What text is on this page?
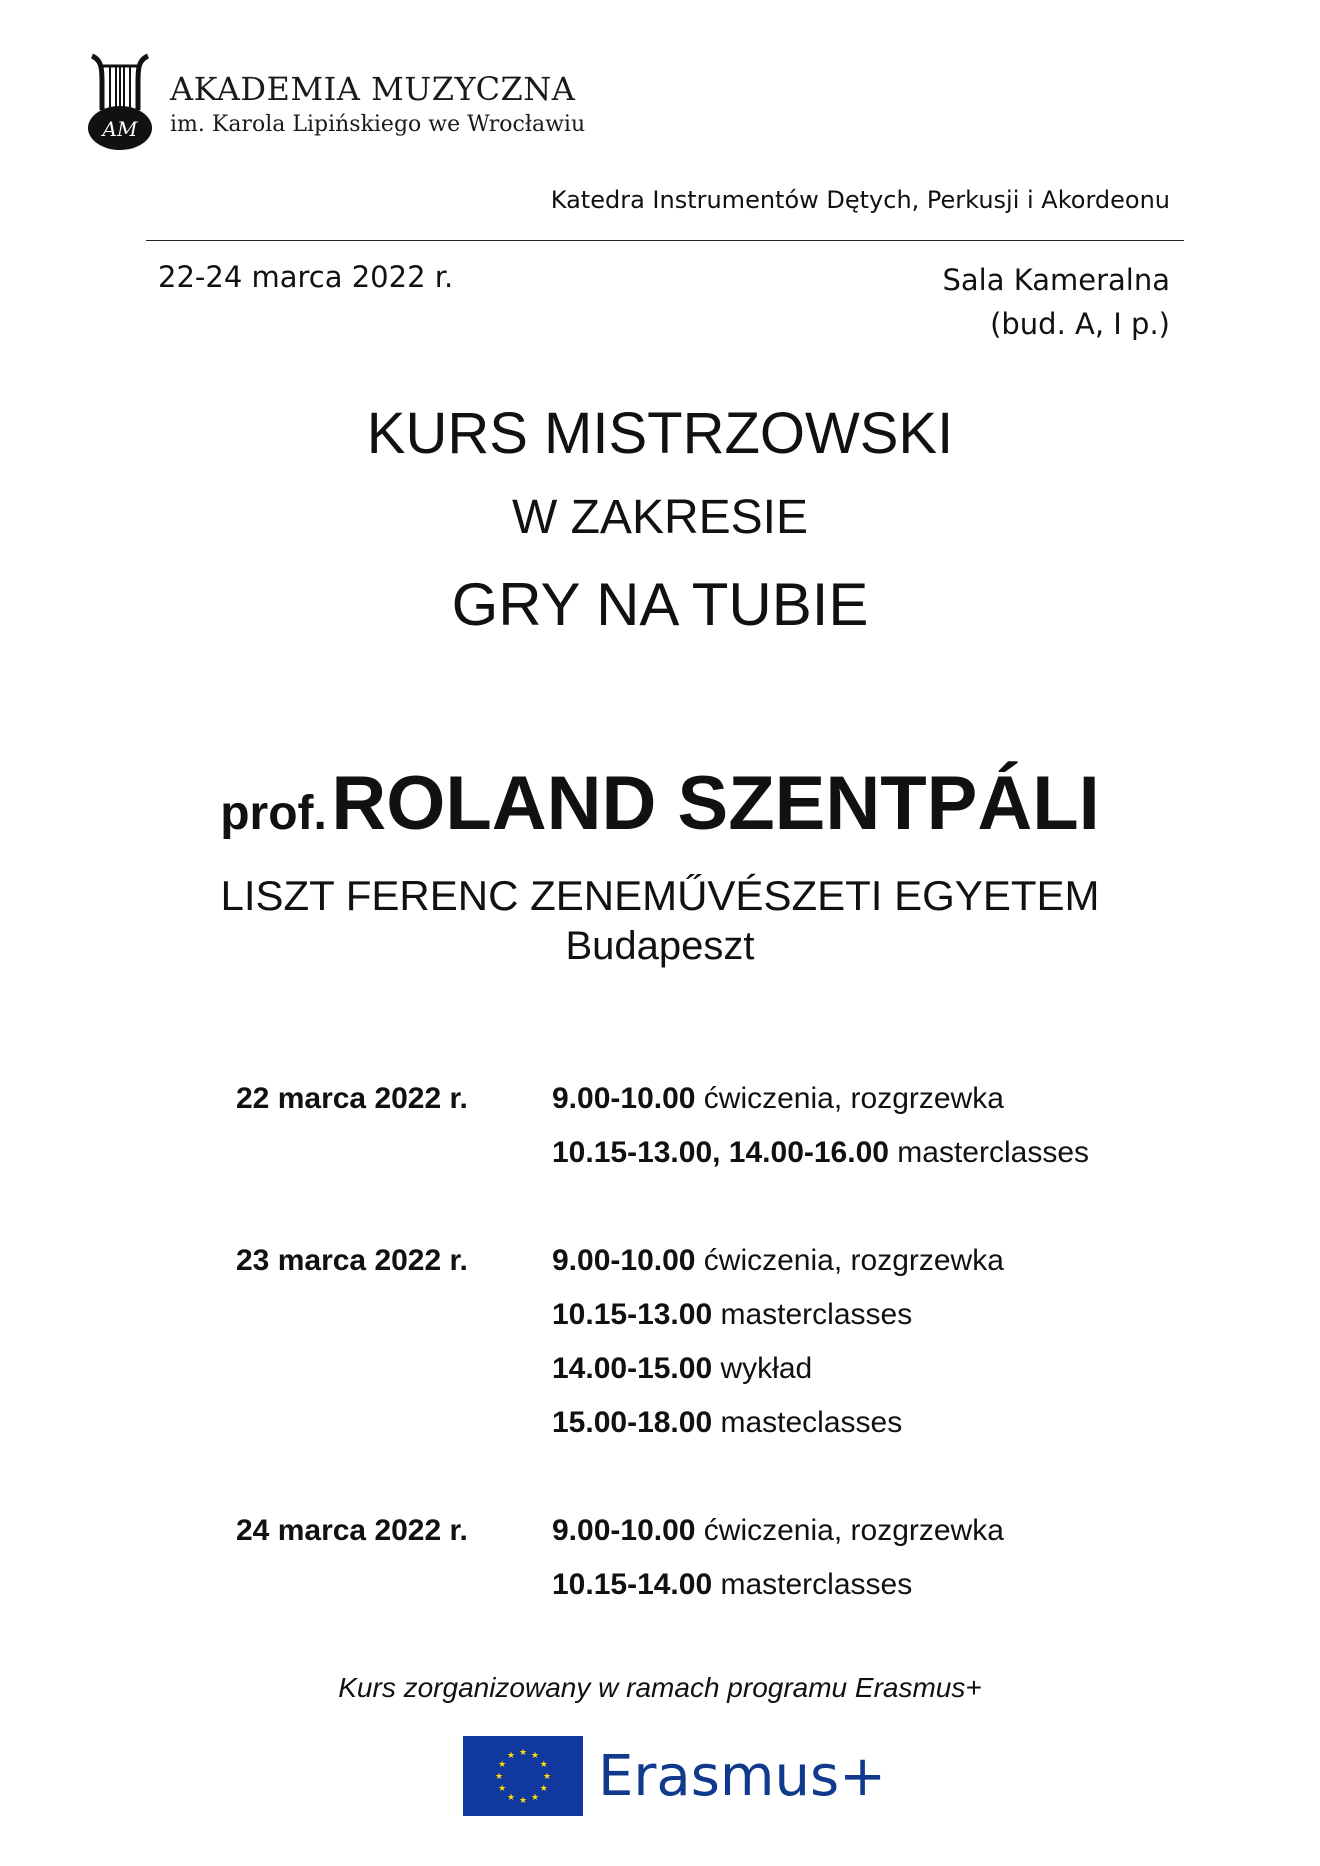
AM
AKADEMIA MUZYCZNA
im. Karola Lipińskiego we Wrocławiu
Katedra Instrumentów Dętych, Perkusji i Akordeonu
22-24 marca 2022 r.	Sala Kameralna
(bud. A, I p.)
KURS MISTRZOWSKI
W ZAKRESIE
GRY NA TUBIE
prof. ROLAND SZENTPÁLI
LISZT FERENC ZENEMŰVÉSZETI EGYETEM
Budapeszt
22 marca 2022 r.	9.00-10.00 ćwiczenia, rozgrzewka
10.15-13.00, 14.00-16.00 masterclasses
23 marca 2022 r.	9.00-10.00 ćwiczenia, rozgrzewka
10.15-13.00 masterclasses
14.00-15.00 wykład
15.00-18.00 masteclasses
24 marca 2022 r.	9.00-10.00 ćwiczenia, rozgrzewka
10.15-14.00 masterclasses
Kurs zorganizowany w ramach programu Erasmus+
★ ★
★
★
★
★
★
★
★
★
★
★ Erasmus+
